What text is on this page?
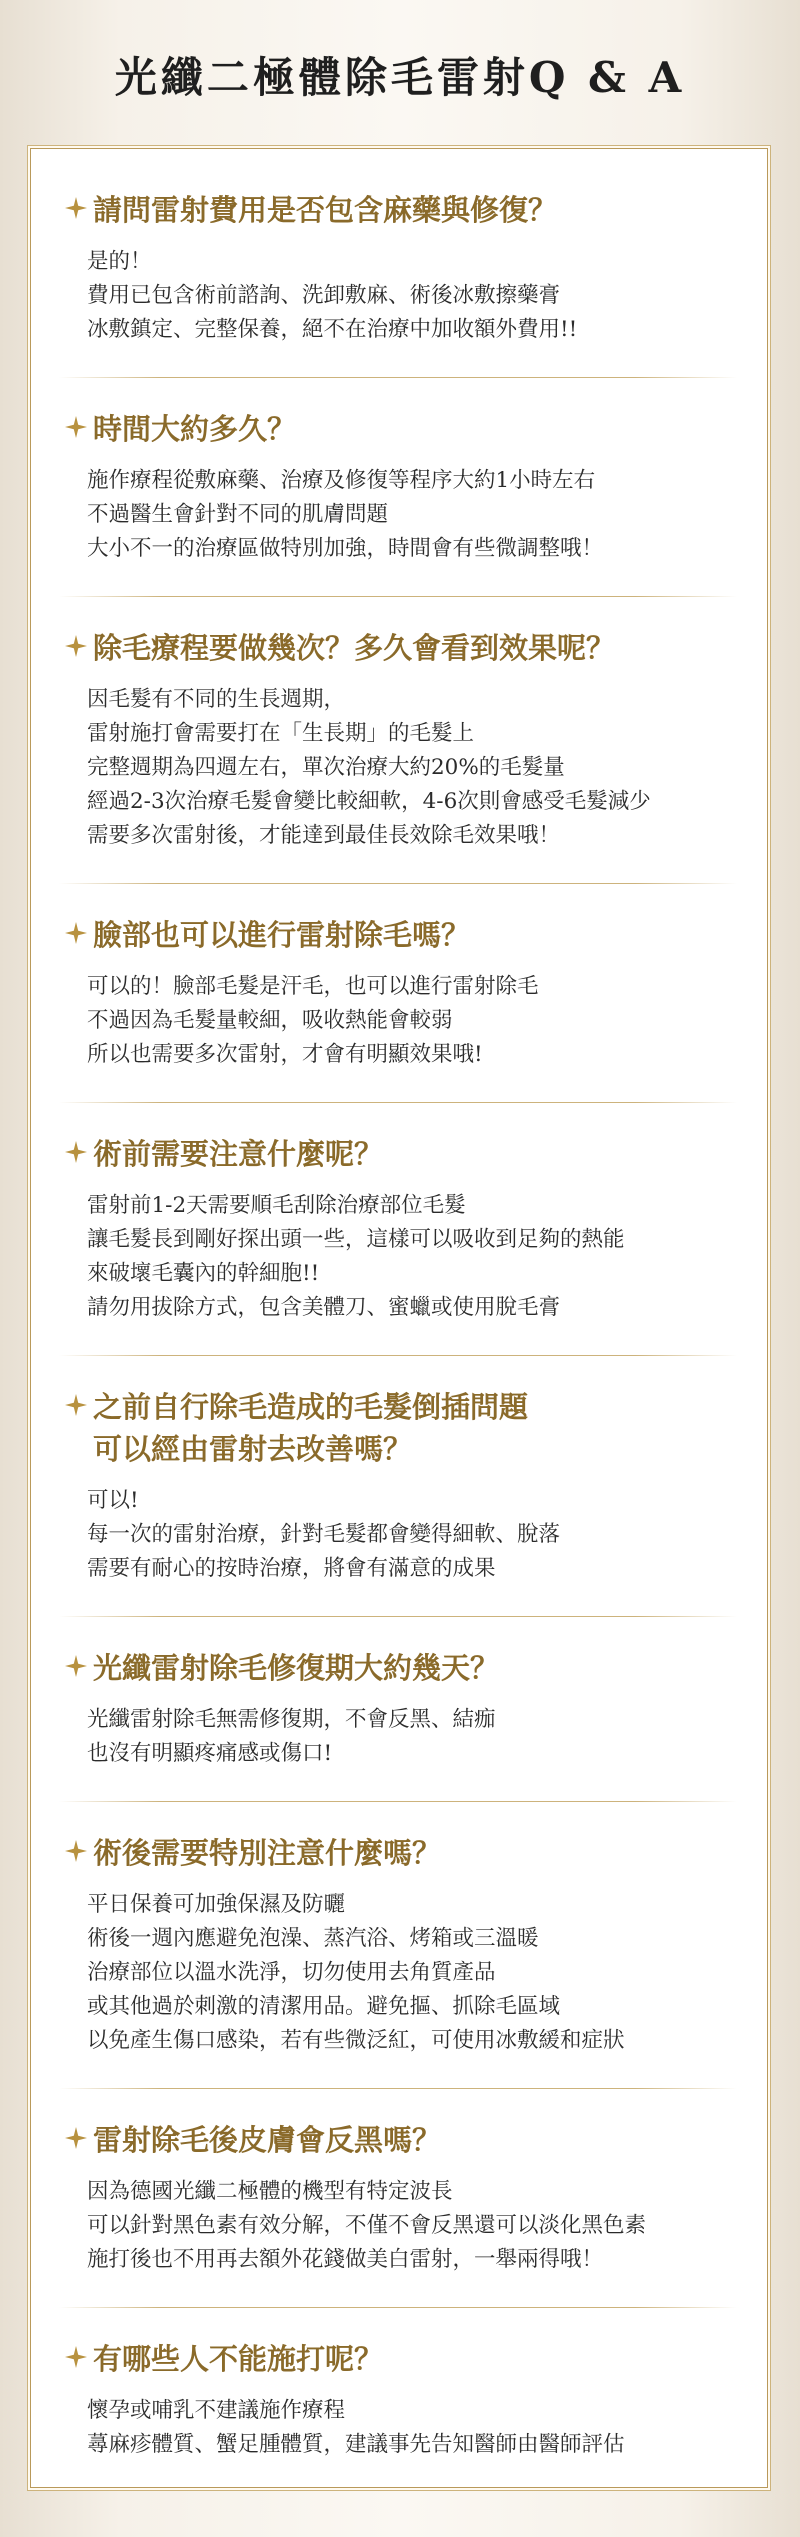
光纖二極體除毛雷射Q & A
請問雷射費用是否包含麻藥與修復？
是的！
費用已包含術前諮詢、洗卸敷麻、術後冰敷擦藥膏
冰敷鎮定、完整保養，絕不在治療中加收額外費用!!
時間大約多久？
施作療程從敷麻藥、治療及修復等程序大約1小時左右
不過醫生會針對不同的肌膚問題
大小不一的治療區做特別加強，時間會有些微調整哦！
除毛療程要做幾次？多久會看到效果呢？
因毛髮有不同的生長週期，
雷射施打會需要打在「生長期」的毛髮上
完整週期為四週左右，單次治療大約20%的毛髮量
經過2-3次治療毛髮會變比較細軟，4-6次則會感受毛髮減少
需要多次雷射後，才能達到最佳長效除毛效果哦！
臉部也可以進行雷射除毛嗎？
可以的！臉部毛髮是汗毛，也可以進行雷射除毛
不過因為毛髮量較細，吸收熱能會較弱
所以也需要多次雷射，才會有明顯效果哦!
術前需要注意什麼呢？
雷射前1-2天需要順毛刮除治療部位毛髮
讓毛髮長到剛好探出頭一些，這樣可以吸收到足夠的熱能
來破壞毛囊內的幹細胞!!
請勿用拔除方式，包含美體刀、蜜蠟或使用脫毛膏
之前自行除毛造成的毛髮倒插問題
可以經由雷射去改善嗎？
可以!
每一次的雷射治療，針對毛髮都會變得細軟、脫落
需要有耐心的按時治療，將會有滿意的成果
光纖雷射除毛修復期大約幾天？
光纖雷射除毛無需修復期，不會反黑、結痂
也沒有明顯疼痛感或傷口!
術後需要特別注意什麼嗎？
平日保養可加強保濕及防曬
術後一週內應避免泡澡、蒸汽浴、烤箱或三溫暖
治療部位以溫水洗淨，切勿使用去角質產品
或其他過於刺激的清潔用品。避免摳、抓除毛區域
以免產生傷口感染，若有些微泛紅，可使用冰敷緩和症狀
雷射除毛後皮膚會反黑嗎？
因為德國光纖二極體的機型有特定波長
可以針對黑色素有效分解，不僅不會反黑還可以淡化黑色素
施打後也不用再去額外花錢做美白雷射，一舉兩得哦！
有哪些人不能施打呢？
懷孕或哺乳不建議施作療程
蕁麻疹體質、蟹足腫體質，建議事先告知醫師由醫師評估
